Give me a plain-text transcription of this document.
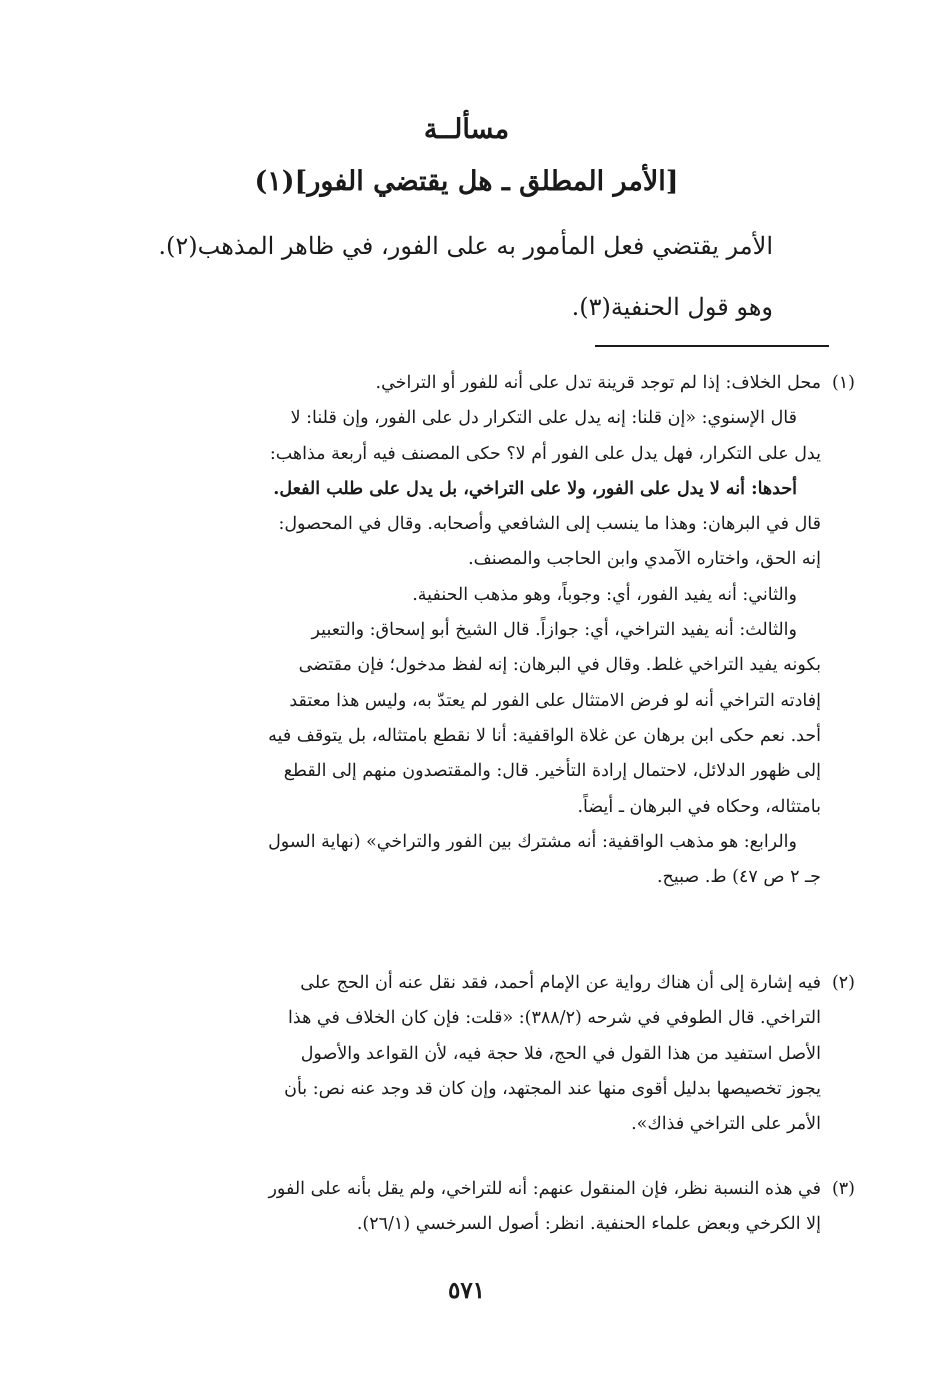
مسألــة
[الأمر المطلق ـ هل يقتضي الفور](١)
الأمر يقتضي فعل المأمور به على الفور، في ظاهر المذهب(٢).
وهو قول الحنفية(٣).
(١)
محل الخلاف: إذا لم توجد قرينة تدل على أنه للفور أو التراخي.
قال الإسنوي: «إن قلنا: إنه يدل على التكرار دل على الفور، وإن قلنا: لا
يدل على التكرار، فهل يدل على الفور أم لا؟ حكى المصنف فيه أربعة مذاهب:
أحدها: أنه لا يدل على الفور، ولا على التراخي، بل يدل على طلب الفعل.
قال في البرهان: وهذا ما ينسب إلى الشافعي وأصحابه. وقال في المحصول:
إنه الحق، واختاره الآمدي وابن الحاجب والمصنف.
والثاني: أنه يفيد الفور، أي: وجوباً، وهو مذهب الحنفية.
والثالث: أنه يفيد التراخي، أي: جوازاً. قال الشيخ أبو إسحاق: والتعبير
بكونه يفيد التراخي غلط. وقال في البرهان: إنه لفظ مدخول؛ فإن مقتضى
إفادته التراخي أنه لو فرض الامتثال على الفور لم يعتدّ به، وليس هذا معتقد
أحد. نعم حكى ابن برهان عن غلاة الواقفية: أنا لا نقطع بامتثاله، بل يتوقف فيه
إلى ظهور الدلائل، لاحتمال إرادة التأخير. قال: والمقتصدون منهم إلى القطع
بامتثاله، وحكاه في البرهان ـ أيضاً.
والرابع: هو مذهب الواقفية: أنه مشترك بين الفور والتراخي» (نهاية السول
جـ ٢ ص ٤٧) ط. صبيح.
(٢)
فيه إشارة إلى أن هناك رواية عن الإمام أحمد، فقد نقل عنه أن الحج على
التراخي. قال الطوفي في شرحه (٣٨٨/٢): «قلت: فإن كان الخلاف في هذا
الأصل استفيد من هذا القول في الحج، فلا حجة فيه، لأن القواعد والأصول
يجوز تخصيصها بدليل أقوى منها عند المجتهد، وإن كان قد وجد عنه نص: بأن
الأمر على التراخي فذاك».
(٣)
في هذه النسبة نظر، فإن المنقول عنهم: أنه للتراخي، ولم يقل بأنه على الفور
إلا الكرخي وبعض علماء الحنفية. انظر: أصول السرخسي (٢٦/١).
٥٧١
